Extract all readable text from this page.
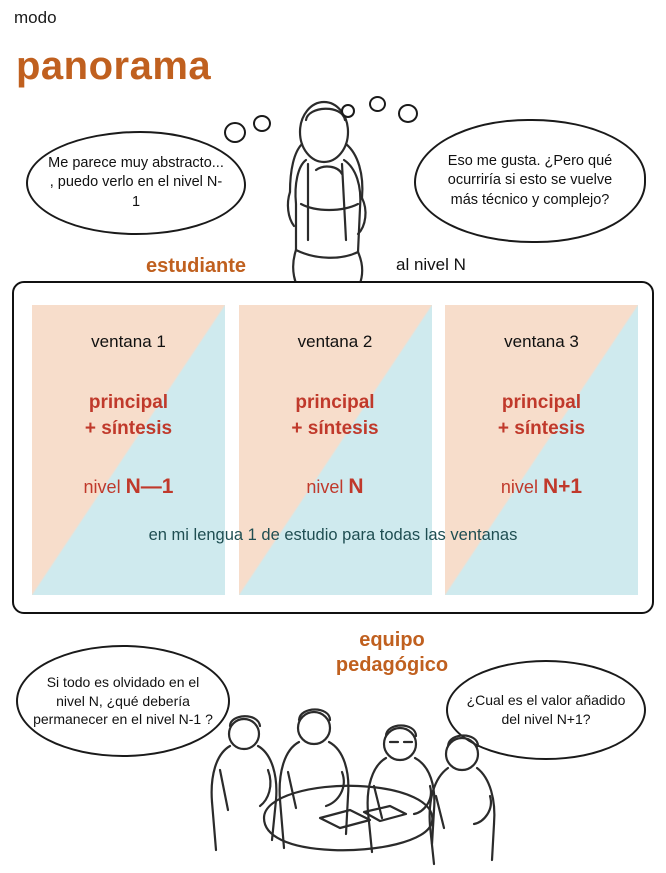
modo
panorama
Me parece muy abstracto... , puedo verlo en el nivel N-1
Eso me gusta. ¿Pero qué ocurriría si esto se vuelve más técnico y complejo?
estudiante	al nivel N
ventana 1
principal
+ síntesis
nivel N—1
ventana 2
principal
+ síntesis
nivel N
ventana 3
principal
+ síntesis
nivel N+1
en mi lengua 1 de estudio para todas las ventanas
equipo
pedagógico
Si todo es olvidado en el nivel N, ¿qué debería permanecer en el nivel N-1 ?
¿Cual es el valor añadido del nivel N+1?
